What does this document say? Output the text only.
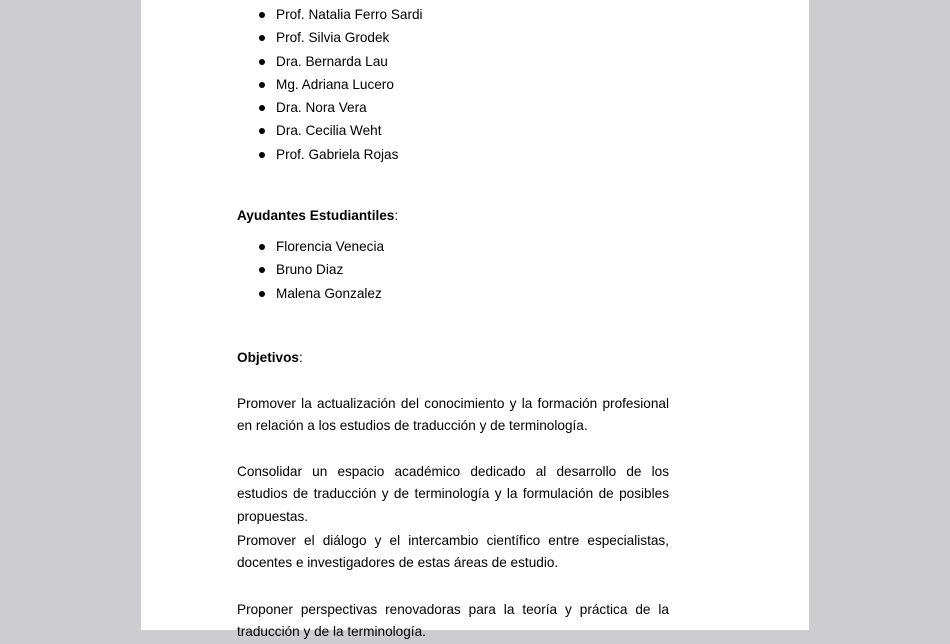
Prof. Natalia Ferro Sardi
Prof. Silvia Grodek
Dra. Bernarda Lau
Mg. Adriana Lucero
Dra. Nora Vera
Dra. Cecilia Weht
Prof. Gabriela Rojas
Ayudantes Estudiantiles:
Florencia Venecia
Bruno Diaz
Malena Gonzalez
Objetivos:

Promover la actualización del conocimiento y la formación profesional en relación a los estudios de traducción y de terminología.

Consolidar un espacio académico dedicado al desarrollo de los estudios de traducción y de terminología y la formulación de posibles propuestas.

Promover el diálogo y el intercambio científico entre especialistas, docentes e investigadores de estas áreas de estudio.

Proponer perspectivas renovadoras para la teoría y práctica de la traducción y de la terminología.
